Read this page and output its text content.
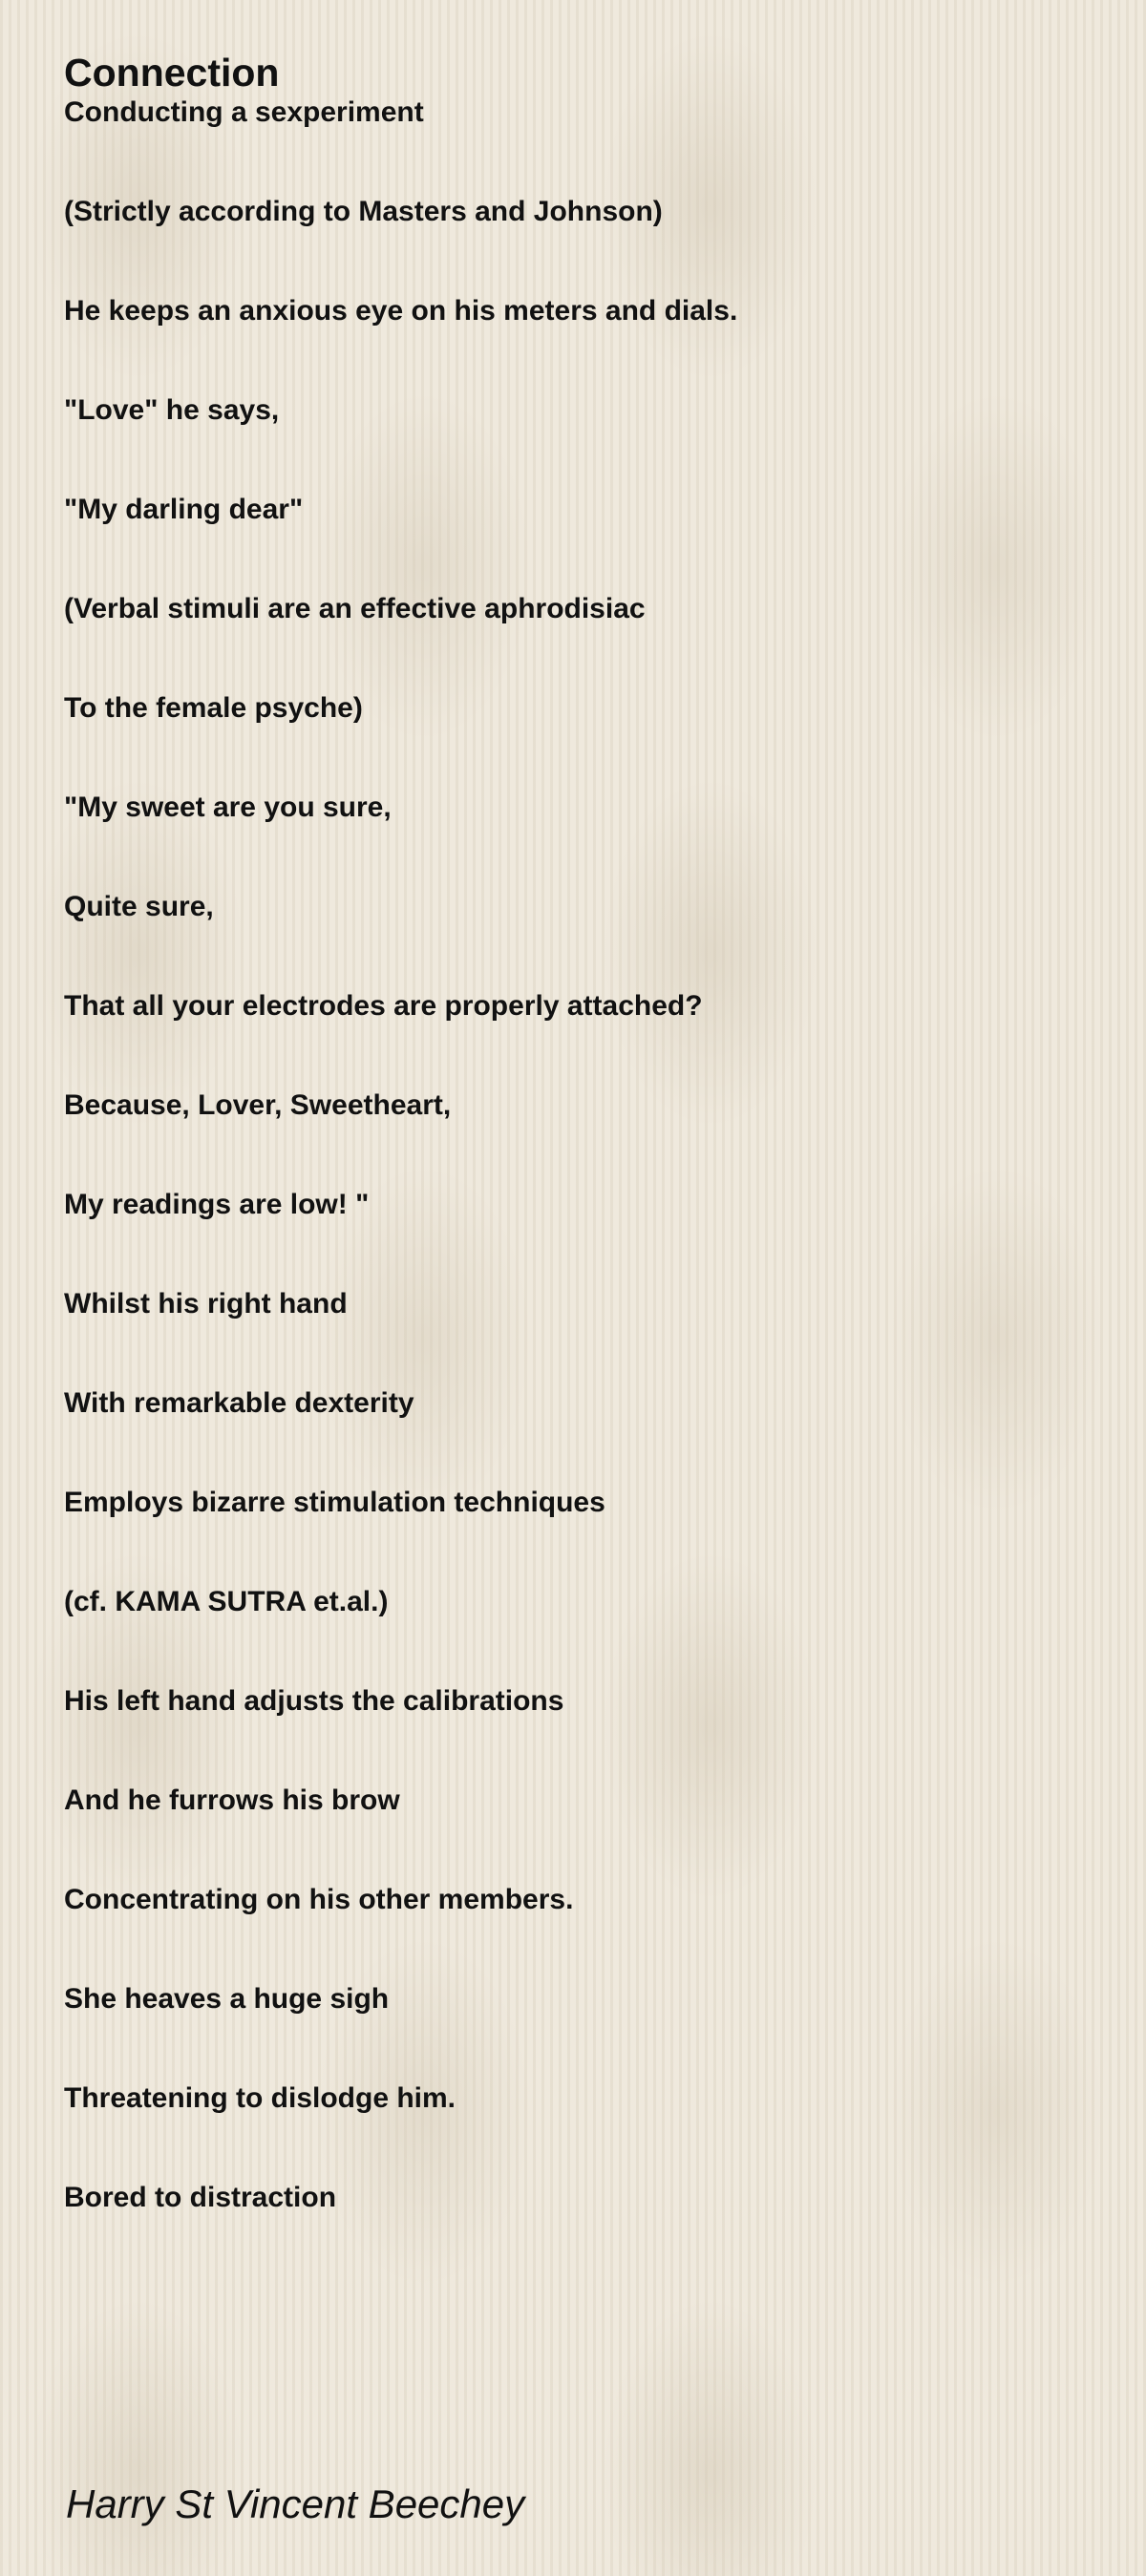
Connection
Conducting a sexperiment
(Strictly according to Masters and Johnson)
He keeps an anxious eye on his meters and dials.
"Love" he says,
"My darling dear"
(Verbal stimuli are an effective aphrodisiac
To the female psyche)
"My sweet are you sure,
Quite sure,
That all your electrodes are properly attached?
Because, Lover, Sweetheart,
My readings are low! "
Whilst his right hand
With remarkable dexterity
Employs bizarre stimulation techniques
(cf. KAMA SUTRA et.al.)
His left hand adjusts the calibrations
And he furrows his brow
Concentrating on his other members.
She heaves a huge sigh
Threatening to dislodge him.
Bored to distraction
Harry St Vincent Beechey
